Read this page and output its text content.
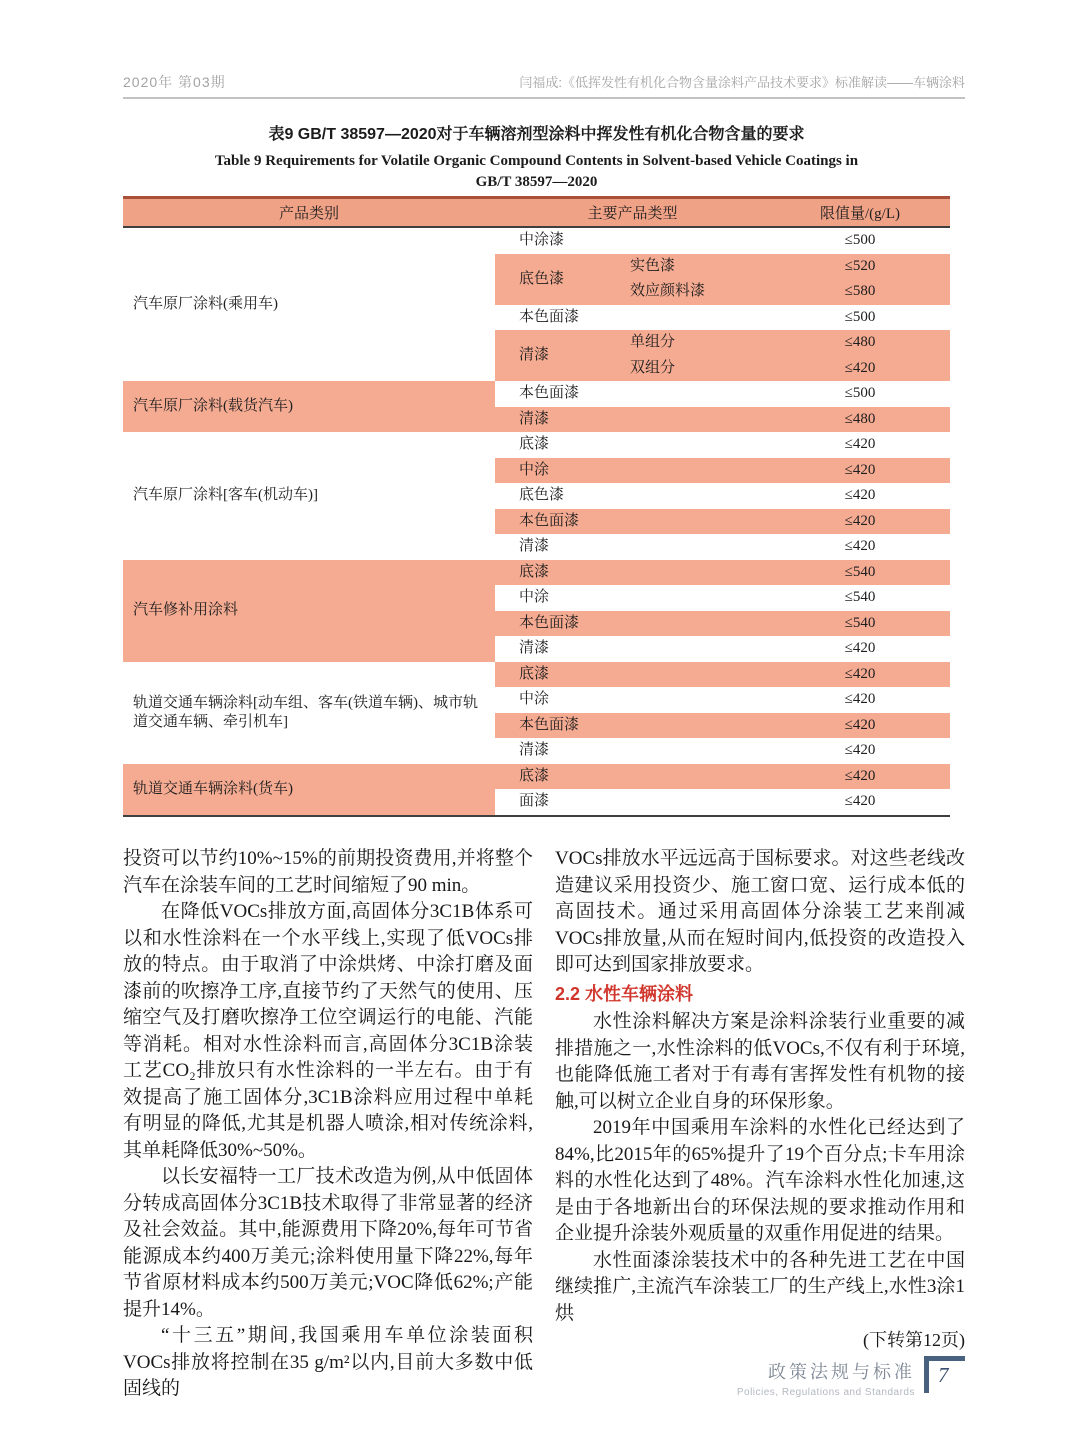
2020年 第03期	闫福成:《低挥发性有机化合物含量涂料产品技术要求》标准解读——车辆涂料
表9 GB/T 38597—2020对于车辆溶剂型涂料中挥发性有机化合物含量的要求
Table 9 Requirements for Volatile Organic Compound Contents in Solvent-based Vehicle Coatings in
GB/T 38597—2020
产品类别	主要产品类型		限值量/(g/L)
汽车原厂涂料(乘用车)	中涂漆		≤500
	底色漆	实色漆	≤520
		效应颜料漆	≤580
	本色面漆		≤500
	清漆	单组分	≤480
		双组分	≤420
汽车原厂涂料(载货汽车)	本色面漆		≤500
	清漆		≤480
汽车原厂涂料[客车(机动车)]	底漆		≤420
	中涂		≤420
	底色漆		≤420
	本色面漆		≤420
	清漆		≤420
汽车修补用涂料	底漆		≤540
	中涂		≤540
	本色面漆		≤540
	清漆		≤420
轨道交通车辆涂料[动车组、客车(铁道车辆)、城市轨道交通车辆、牵引机车]	底漆		≤420
	中涂		≤420
	本色面漆		≤420
	清漆		≤420
轨道交通车辆涂料(货车)	底漆		≤420
	面漆		≤420

投资可以节约10%~15%的前期投资费用,并将整个汽车在涂装车间的工艺时间缩短了90 min。

在降低VOCs排放方面,高固体分3C1B体系可以和水性涂料在一个水平线上,实现了低VOCs排放的特点。由于取消了中涂烘烤、中涂打磨及面漆前的吹擦净工序,直接节约了天然气的使用、压缩空气及打磨吹擦净工位空调运行的电能、汽能等消耗。相对水性涂料而言,高固体分3C1B涂装工艺CO₂排放只有水性涂料的一半左右。由于有效提高了施工固体分,3C1B涂料应用过程中单耗有明显的降低,尤其是机器人喷涂,相对传统涂料,其单耗降低30%~50%。

以长安福特一工厂技术改造为例,从中低固体分转成高固体分3C1B技术取得了非常显著的经济及社会效益。其中,能源费用下降20%,每年可节省能源成本约400万美元;涂料使用量下降22%,每年节省原材料成本约500万美元;VOC降低62%;产能提升14%。

“十三五”期间,我国乘用车单位涂装面积VOCs排放将控制在35 g/m²以内,目前大多数中低固线的

VOCs排放水平远远高于国标要求。对这些老线改造建议采用投资少、施工窗口宽、运行成本低的高固技术。通过采用高固体分涂装工艺来削减VOCs排放量,从而在短时间内,低投资的改造投入即可达到国家排放要求。

2.2 水性车辆涂料

水性涂料解决方案是涂料涂装行业重要的减排措施之一,水性涂料的低VOCs,不仅有利于环境,也能降低施工者对于有毒有害挥发性有机物的接触,可以树立企业自身的环保形象。

2019年中国乘用车涂料的水性化已经达到了84%,比2015年的65%提升了19个百分点;卡车用涂料的水性化达到了48%。汽车涂料水性化加速,这是由于各地新出台的环保法规的要求推动作用和企业提升涂装外观质量的双重作用促进的结果。

水性面漆涂装技术中的各种先进工艺在中国继续推广,主流汽车涂装工厂的生产线上,水性3涂1烘

(下转第12页)

政策法规与标准
Policies, Regulations and Standards
7
